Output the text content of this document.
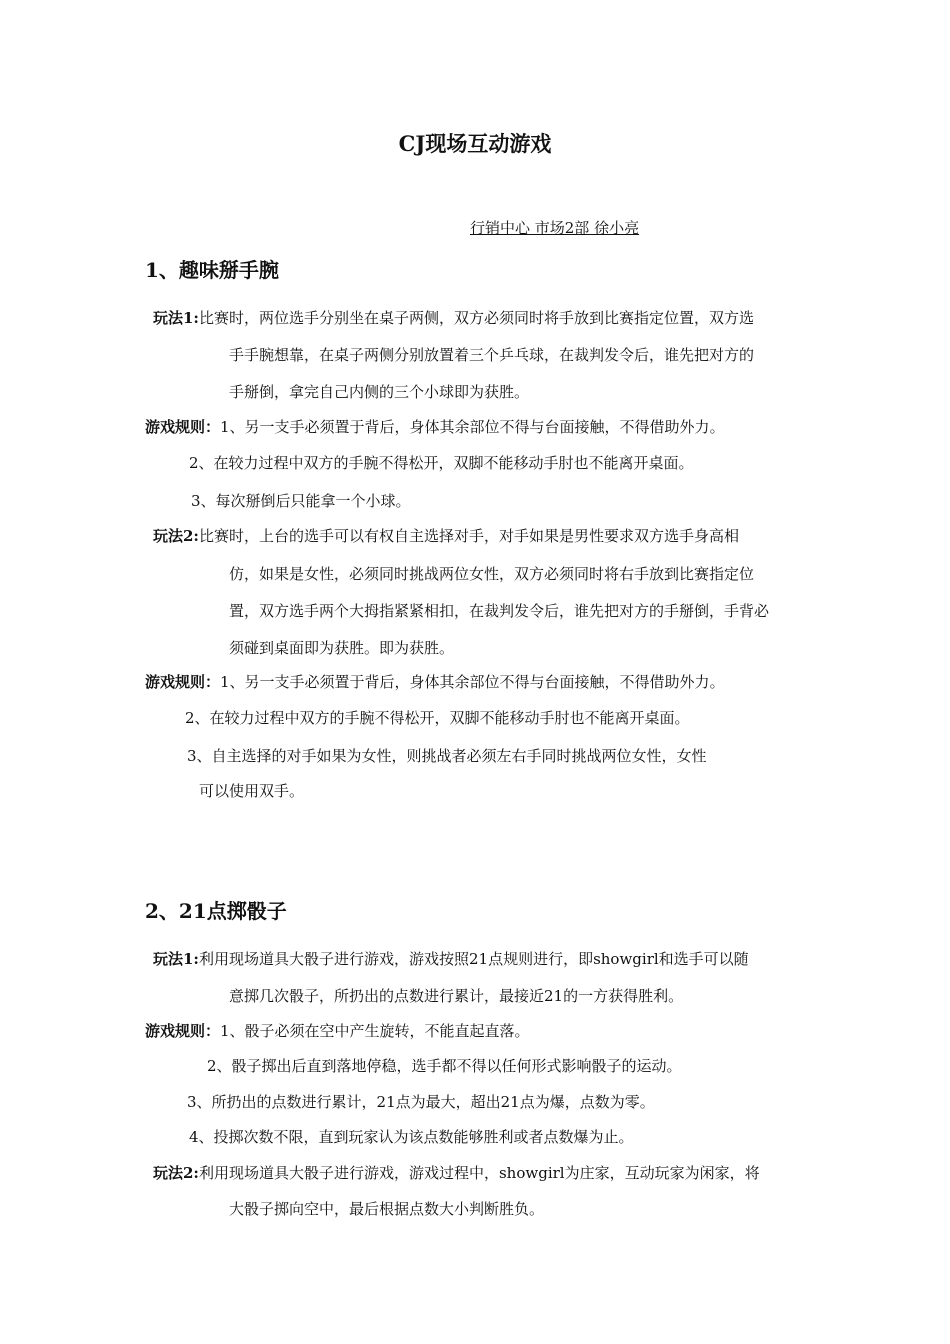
CJ现场互动游戏
行销中心 市场2部 徐小亮
1、趣味掰手腕
玩法1:比赛时，两位选手分别坐在桌子两侧，双方必须同时将手放到比赛指定位置，双方选
手手腕想靠，在桌子两侧分别放置着三个乒乓球，在裁判发令后，谁先把对方的
手掰倒，拿完自己内侧的三个小球即为获胜。
游戏规则：1、另一支手必须置于背后，身体其余部位不得与台面接触，不得借助外力。
2、在较力过程中双方的手腕不得松开，双脚不能移动手肘也不能离开桌面。
3、每次掰倒后只能拿一个小球。
玩法2:比赛时，上台的选手可以有权自主选择对手，对手如果是男性要求双方选手身高相
仿，如果是女性，必须同时挑战两位女性，双方必须同时将右手放到比赛指定位
置，双方选手两个大拇指紧紧相扣，在裁判发令后，谁先把对方的手掰倒，手背必
须碰到桌面即为获胜。即为获胜。
游戏规则：1、另一支手必须置于背后，身体其余部位不得与台面接触，不得借助外力。
2、在较力过程中双方的手腕不得松开，双脚不能移动手肘也不能离开桌面。
3、自主选择的对手如果为女性，则挑战者必须左右手同时挑战两位女性，女性
可以使用双手。
2、21点掷骰子
玩法1:利用现场道具大骰子进行游戏，游戏按照21点规则进行，即showgirl和选手可以随
意掷几次骰子，所扔出的点数进行累计，最接近21的一方获得胜利。
游戏规则：1、骰子必须在空中产生旋转，不能直起直落。
2、骰子掷出后直到落地停稳，选手都不得以任何形式影响骰子的运动。
3、所扔出的点数进行累计，21点为最大，超出21点为爆，点数为零。
4、投掷次数不限，直到玩家认为该点数能够胜利或者点数爆为止。
玩法2:利用现场道具大骰子进行游戏，游戏过程中，showgirl为庄家，互动玩家为闲家，将
大骰子掷向空中，最后根据点数大小判断胜负。
